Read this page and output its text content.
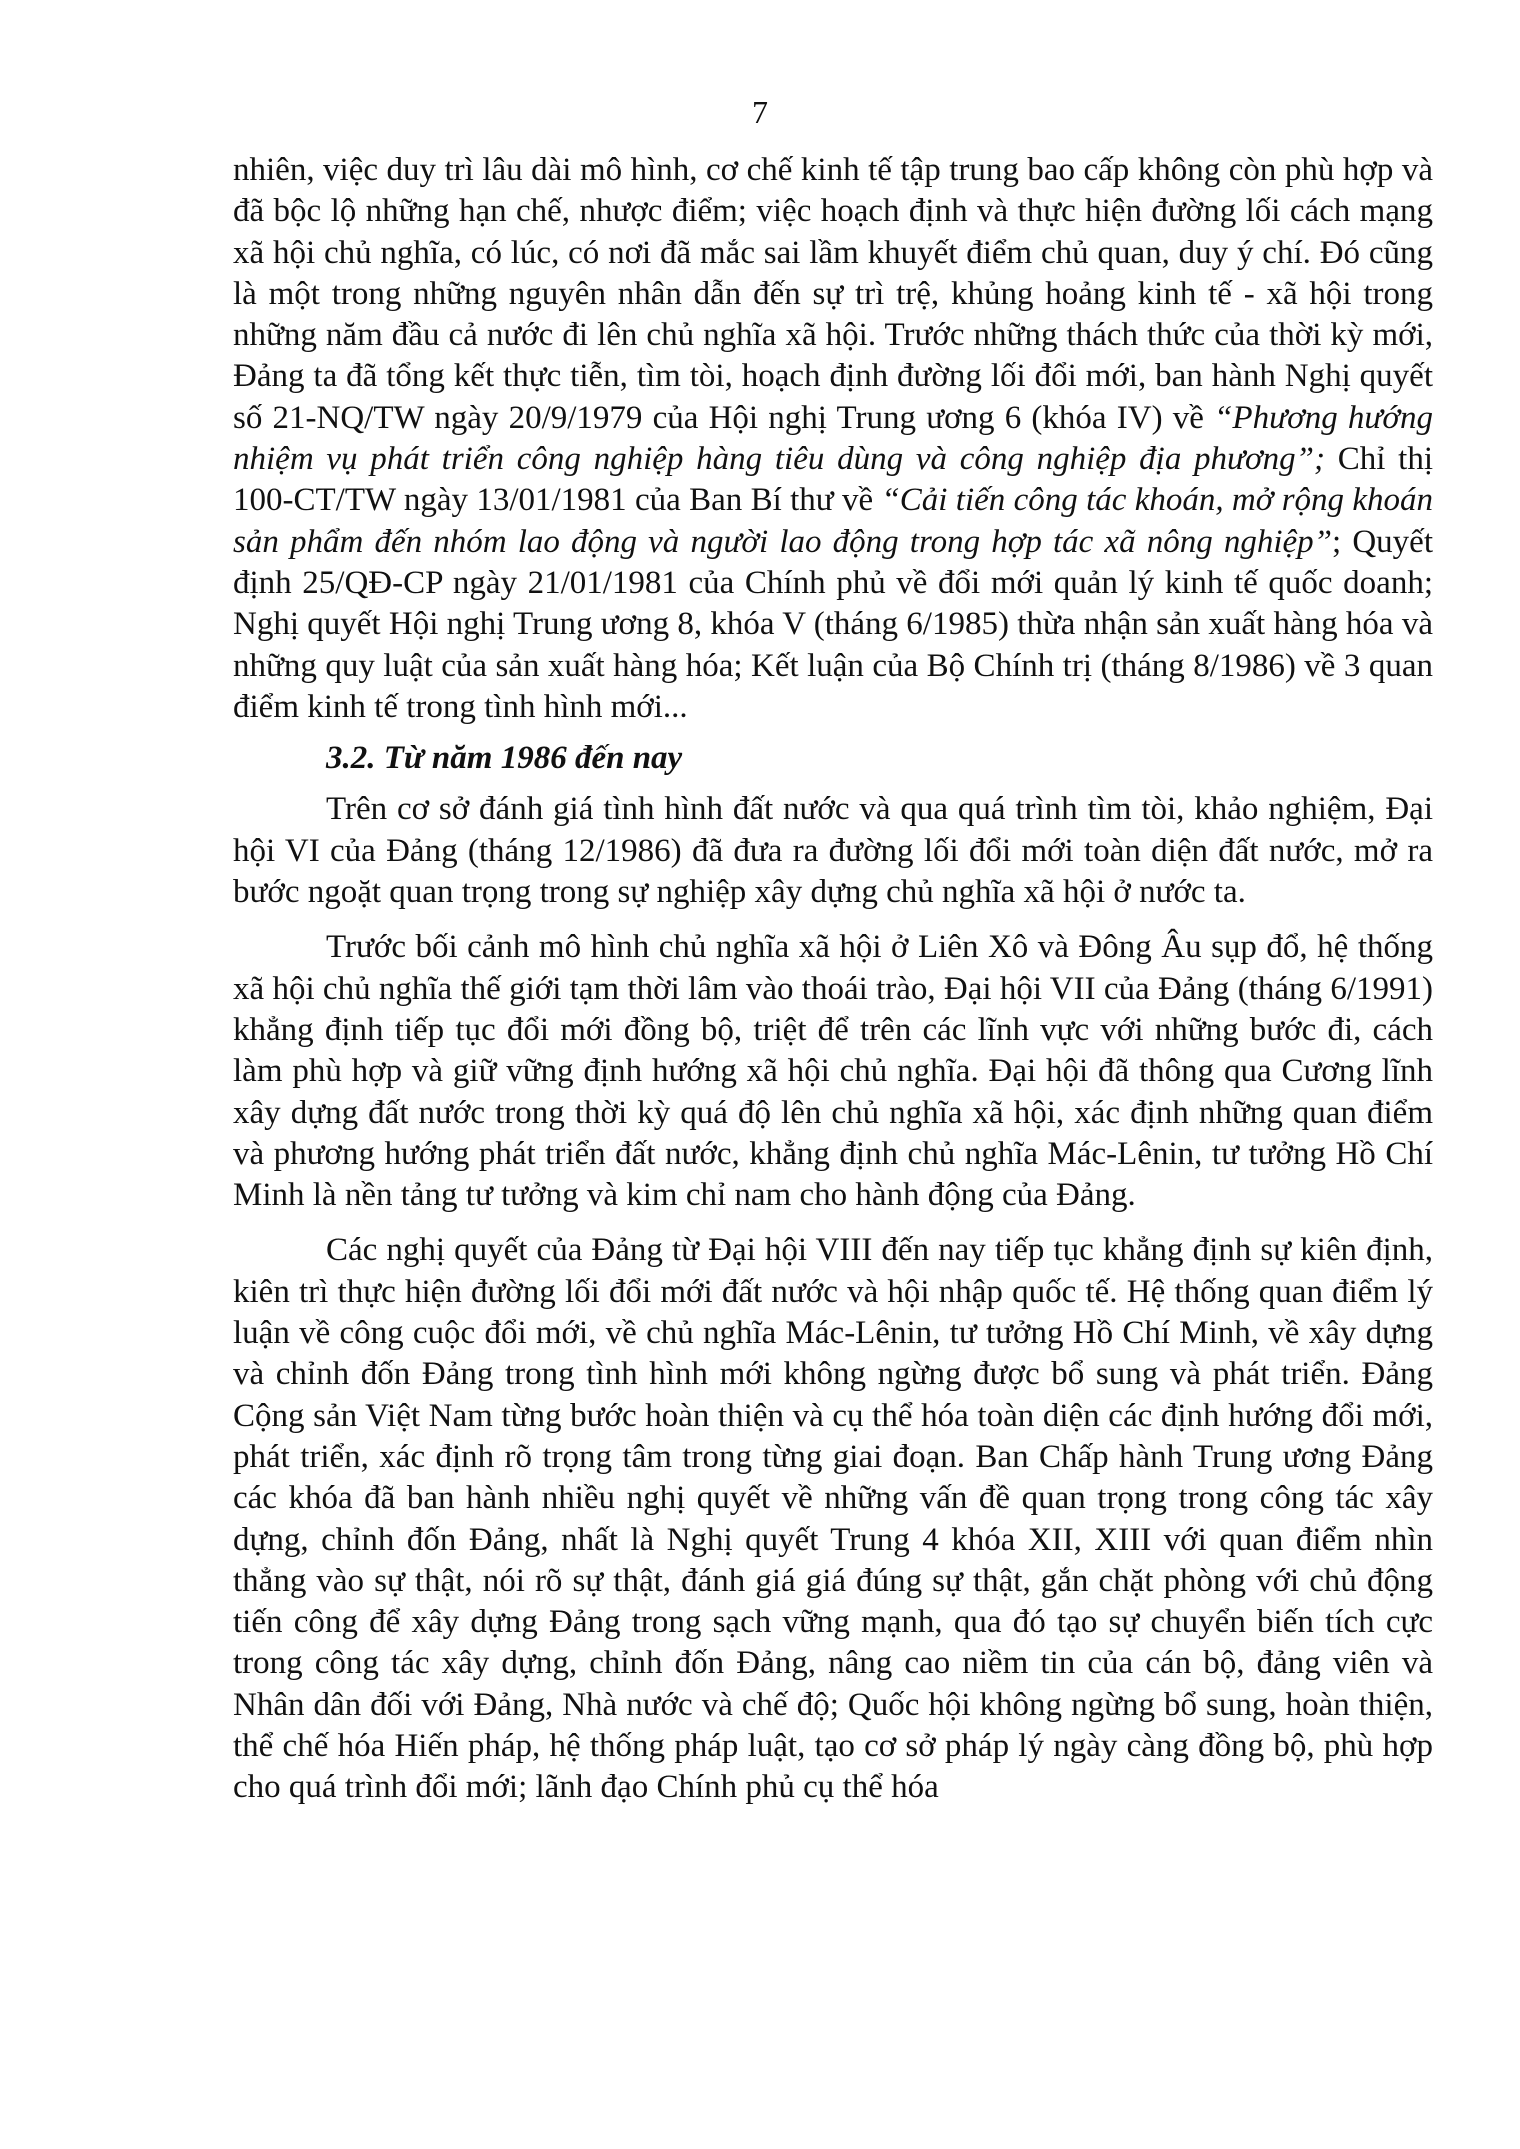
7

nhiên, việc duy trì lâu dài mô hình, cơ chế kinh tế tập trung bao cấp không còn phù hợp và đã bộc lộ những hạn chế, nhược điểm; việc hoạch định và thực hiện đường lối cách mạng xã hội chủ nghĩa, có lúc, có nơi đã mắc sai lầm khuyết điểm chủ quan, duy ý chí. Đó cũng là một trong những nguyên nhân dẫn đến sự trì trệ, khủng hoảng kinh tế - xã hội trong những năm đầu cả nước đi lên chủ nghĩa xã hội. Trước những thách thức của thời kỳ mới, Đảng ta đã tổng kết thực tiễn, tìm tòi, hoạch định đường lối đổi mới, ban hành Nghị quyết số 21-NQ/TW ngày 20/9/1979 của Hội nghị Trung ương 6 (khóa IV) về “Phương hướng nhiệm vụ phát triển công nghiệp hàng tiêu dùng và công nghiệp địa phương”; Chỉ thị 100-CT/TW ngày 13/01/1981 của Ban Bí thư về “Cải tiến công tác khoán, mở rộng khoán sản phẩm đến nhóm lao động và người lao động trong hợp tác xã nông nghiệp”; Quyết định 25/QĐ-CP ngày 21/01/1981 của Chính phủ về đổi mới quản lý kinh tế quốc doanh; Nghị quyết Hội nghị Trung ương 8, khóa V (tháng 6/1985) thừa nhận sản xuất hàng hóa và những quy luật của sản xuất hàng hóa; Kết luận của Bộ Chính trị (tháng 8/1986) về 3 quan điểm kinh tế trong tình hình mới...

3.2. Từ năm 1986 đến nay

Trên cơ sở đánh giá tình hình đất nước và qua quá trình tìm tòi, khảo nghiệm, Đại hội VI của Đảng (tháng 12/1986) đã đưa ra đường lối đổi mới toàn diện đất nước, mở ra bước ngoặt quan trọng trong sự nghiệp xây dựng chủ nghĩa xã hội ở nước ta.

Trước bối cảnh mô hình chủ nghĩa xã hội ở Liên Xô và Đông Âu sụp đổ, hệ thống xã hội chủ nghĩa thế giới tạm thời lâm vào thoái trào, Đại hội VII của Đảng (tháng 6/1991) khẳng định tiếp tục đổi mới đồng bộ, triệt để trên các lĩnh vực với những bước đi, cách làm phù hợp và giữ vững định hướng xã hội chủ nghĩa. Đại hội đã thông qua Cương lĩnh xây dựng đất nước trong thời kỳ quá độ lên chủ nghĩa xã hội, xác định những quan điểm và phương hướng phát triển đất nước, khẳng định chủ nghĩa Mác-Lênin, tư tưởng Hồ Chí Minh là nền tảng tư tưởng và kim chỉ nam cho hành động của Đảng.

Các nghị quyết của Đảng từ Đại hội VIII đến nay tiếp tục khẳng định sự kiên định, kiên trì thực hiện đường lối đổi mới đất nước và hội nhập quốc tế. Hệ thống quan điểm lý luận về công cuộc đổi mới, về chủ nghĩa Mác-Lênin, tư tưởng Hồ Chí Minh, về xây dựng và chỉnh đốn Đảng trong tình hình mới không ngừng được bổ sung và phát triển. Đảng Cộng sản Việt Nam từng bước hoàn thiện và cụ thể hóa toàn diện các định hướng đổi mới, phát triển, xác định rõ trọng tâm trong từng giai đoạn. Ban Chấp hành Trung ương Đảng các khóa đã ban hành nhiều nghị quyết về những vấn đề quan trọng trong công tác xây dựng, chỉnh đốn Đảng, nhất là Nghị quyết Trung 4 khóa XII, XIII với quan điểm nhìn thẳng vào sự thật, nói rõ sự thật, đánh giá giá đúng sự thật, gắn chặt phòng với chủ động tiến công để xây dựng Đảng trong sạch vững mạnh, qua đó tạo sự chuyển biến tích cực trong công tác xây dựng, chỉnh đốn Đảng, nâng cao niềm tin của cán bộ, đảng viên và Nhân dân đối với Đảng, Nhà nước và chế độ; Quốc hội không ngừng bổ sung, hoàn thiện, thể chế hóa Hiến pháp, hệ thống pháp luật, tạo cơ sở pháp lý ngày càng đồng bộ, phù hợp cho quá trình đổi mới; lãnh đạo Chính phủ cụ thể hóa
